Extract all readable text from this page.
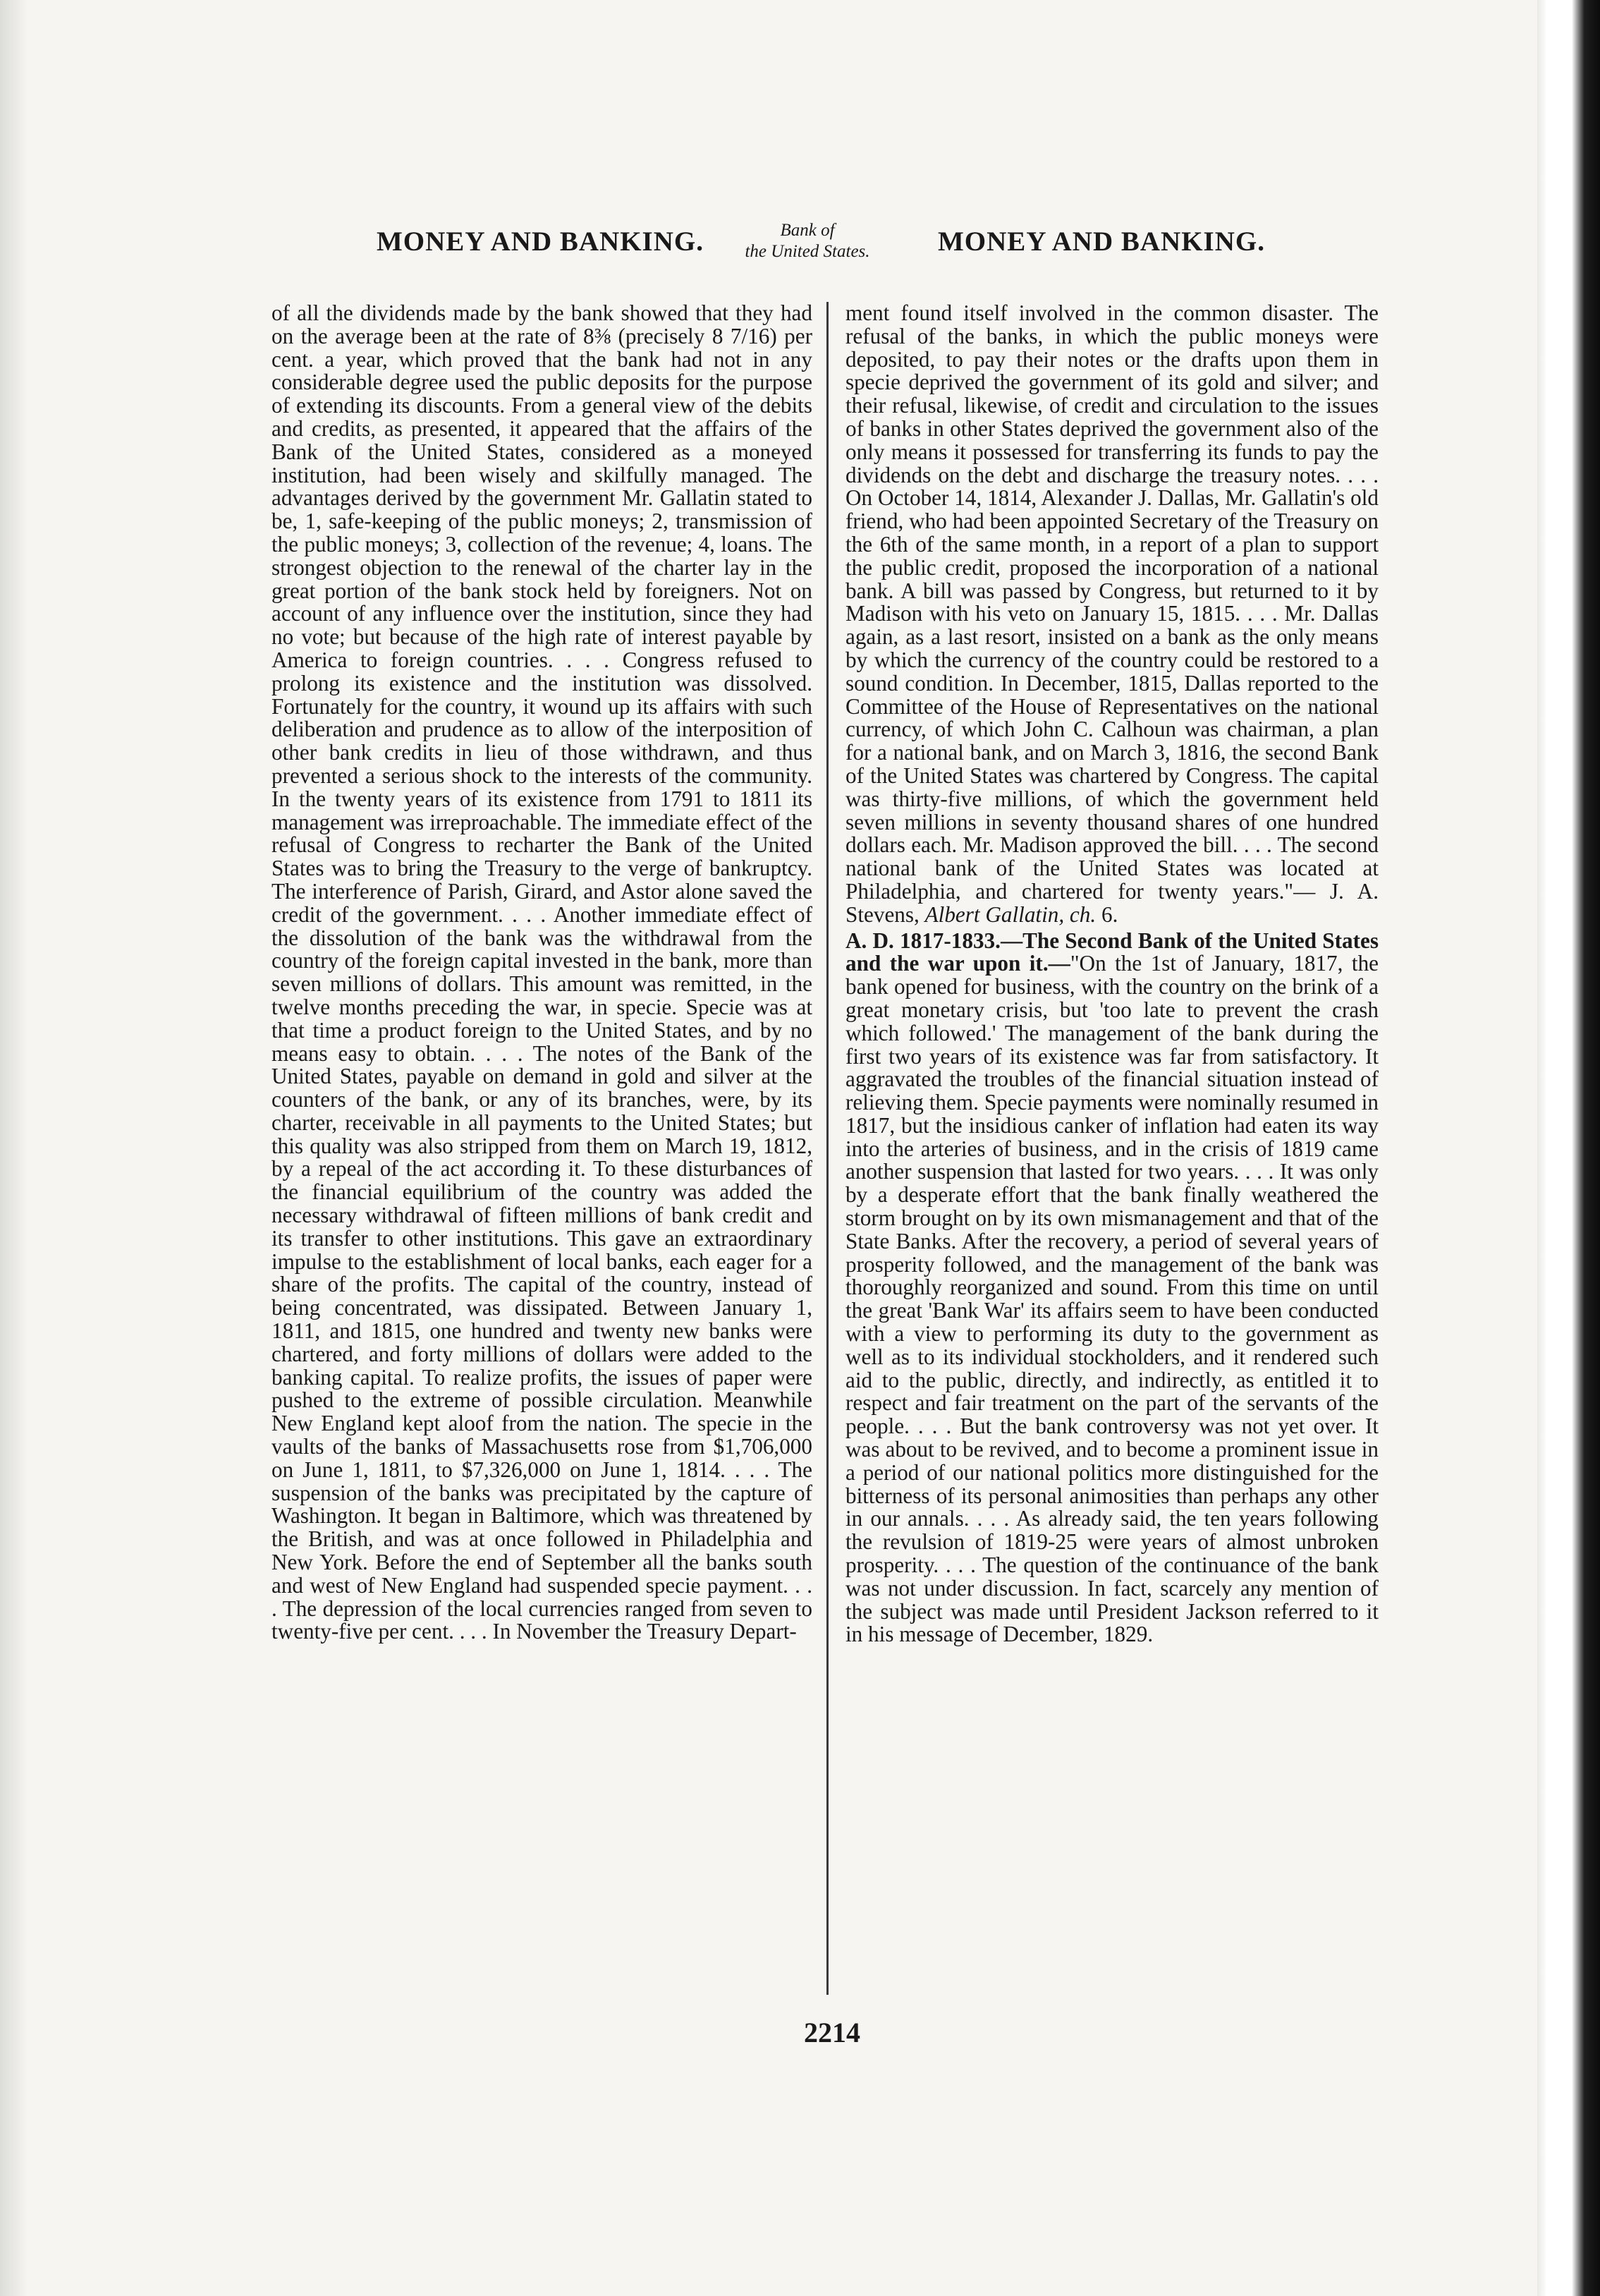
MONEY AND BANKING.	Bank of
the United States.	MONEY AND BANKING.

of all the dividends made by the bank showed that they had on the average been at the rate of 8⅜ (precisely 8 7/16) per cent. a year, which proved that the bank had not in any considerable degree used the public deposits for the purpose of extending its discounts. From a general view of the debits and credits, as presented, it appeared that the affairs of the Bank of the United States, considered as a moneyed institution, had been wisely and skilfully managed. The advantages derived by the government Mr. Gallatin stated to be, 1, safe-keeping of the public moneys; 2, transmission of the public moneys; 3, collection of the revenue; 4, loans. The strongest objection to the renewal of the charter lay in the great portion of the bank stock held by foreigners. Not on account of any influence over the institution, since they had no vote; but because of the high rate of interest payable by America to foreign countries. . . . Congress refused to prolong its existence and the institution was dissolved. Fortunately for the country, it wound up its affairs with such deliberation and prudence as to allow of the interposition of other bank credits in lieu of those withdrawn, and thus prevented a serious shock to the interests of the community. In the twenty years of its existence from 1791 to 1811 its management was irreproachable. The immediate effect of the refusal of Congress to recharter the Bank of the United States was to bring the Treasury to the verge of bankruptcy. The interference of Parish, Girard, and Astor alone saved the credit of the government. . . . Another immediate effect of the dissolution of the bank was the withdrawal from the country of the foreign capital invested in the bank, more than seven millions of dollars. This amount was remitted, in the twelve months preceding the war, in specie. Specie was at that time a product foreign to the United States, and by no means easy to obtain. . . . The notes of the Bank of the United States, payable on demand in gold and silver at the counters of the bank, or any of its branches, were, by its charter, receivable in all payments to the United States; but this quality was also stripped from them on March 19, 1812, by a repeal of the act according it. To these disturbances of the financial equilibrium of the country was added the necessary withdrawal of fifteen millions of bank credit and its transfer to other institutions. This gave an extraordinary impulse to the establishment of local banks, each eager for a share of the profits. The capital of the country, instead of being concentrated, was dissipated. Between January 1, 1811, and 1815, one hundred and twenty new banks were chartered, and forty millions of dollars were added to the banking capital. To realize profits, the issues of paper were pushed to the extreme of possible circulation. Meanwhile New England kept aloof from the nation. The specie in the vaults of the banks of Massachusetts rose from $1,706,000 on June 1, 1811, to $7,326,000 on June 1, 1814. . . . The suspension of the banks was precipitated by the capture of Washington. It began in Baltimore, which was threatened by the British, and was at once followed in Philadelphia and New York. Before the end of September all the banks south and west of New England had suspended specie payment. . . . The depression of the local currencies ranged from seven to twenty-five per cent. . . . In November the Treasury Depart-

ment found itself involved in the common disaster. The refusal of the banks, in which the public moneys were deposited, to pay their notes or the drafts upon them in specie deprived the government of its gold and silver; and their refusal, likewise, of credit and circulation to the issues of banks in other States deprived the government also of the only means it possessed for transferring its funds to pay the dividends on the debt and discharge the treasury notes. . . . On October 14, 1814, Alexander J. Dallas, Mr. Gallatin's old friend, who had been appointed Secretary of the Treasury on the 6th of the same month, in a report of a plan to support the public credit, proposed the incorporation of a national bank. A bill was passed by Congress, but returned to it by Madison with his veto on January 15, 1815. . . . Mr. Dallas again, as a last resort, insisted on a bank as the only means by which the currency of the country could be restored to a sound condition. In December, 1815, Dallas reported to the Committee of the House of Representatives on the national currency, of which John C. Calhoun was chairman, a plan for a national bank, and on March 3, 1816, the second Bank of the United States was chartered by Congress. The capital was thirty-five millions, of which the government held seven millions in seventy thousand shares of one hundred dollars each. Mr. Madison approved the bill. . . . The second national bank of the United States was located at Philadelphia, and chartered for twenty years."— J. A. Stevens, Albert Gallatin, ch. 6.

A. D. 1817-1833.—The Second Bank of the United States and the war upon it.—"On the 1st of January, 1817, the bank opened for business, with the country on the brink of a great monetary crisis, but 'too late to prevent the crash which followed.' The management of the bank during the first two years of its existence was far from satisfactory. It aggravated the troubles of the financial situation instead of relieving them. Specie payments were nominally resumed in 1817, but the insidious canker of inflation had eaten its way into the arteries of business, and in the crisis of 1819 came another suspension that lasted for two years. . . . It was only by a desperate effort that the bank finally weathered the storm brought on by its own mismanagement and that of the State Banks. After the recovery, a period of several years of prosperity followed, and the management of the bank was thoroughly reorganized and sound. From this time on until the great 'Bank War' its affairs seem to have been conducted with a view to performing its duty to the government as well as to its individual stockholders, and it rendered such aid to the public, directly, and indirectly, as entitled it to respect and fair treatment on the part of the servants of the people. . . . But the bank controversy was not yet over. It was about to be revived, and to become a prominent issue in a period of our national politics more distinguished for the bitterness of its personal animosities than perhaps any other in our annals. . . . As already said, the ten years following the revulsion of 1819-25 were years of almost unbroken prosperity. . . . The question of the continuance of the bank was not under discussion. In fact, scarcely any mention of the subject was made until President Jackson referred to it in his message of December, 1829.

2214
